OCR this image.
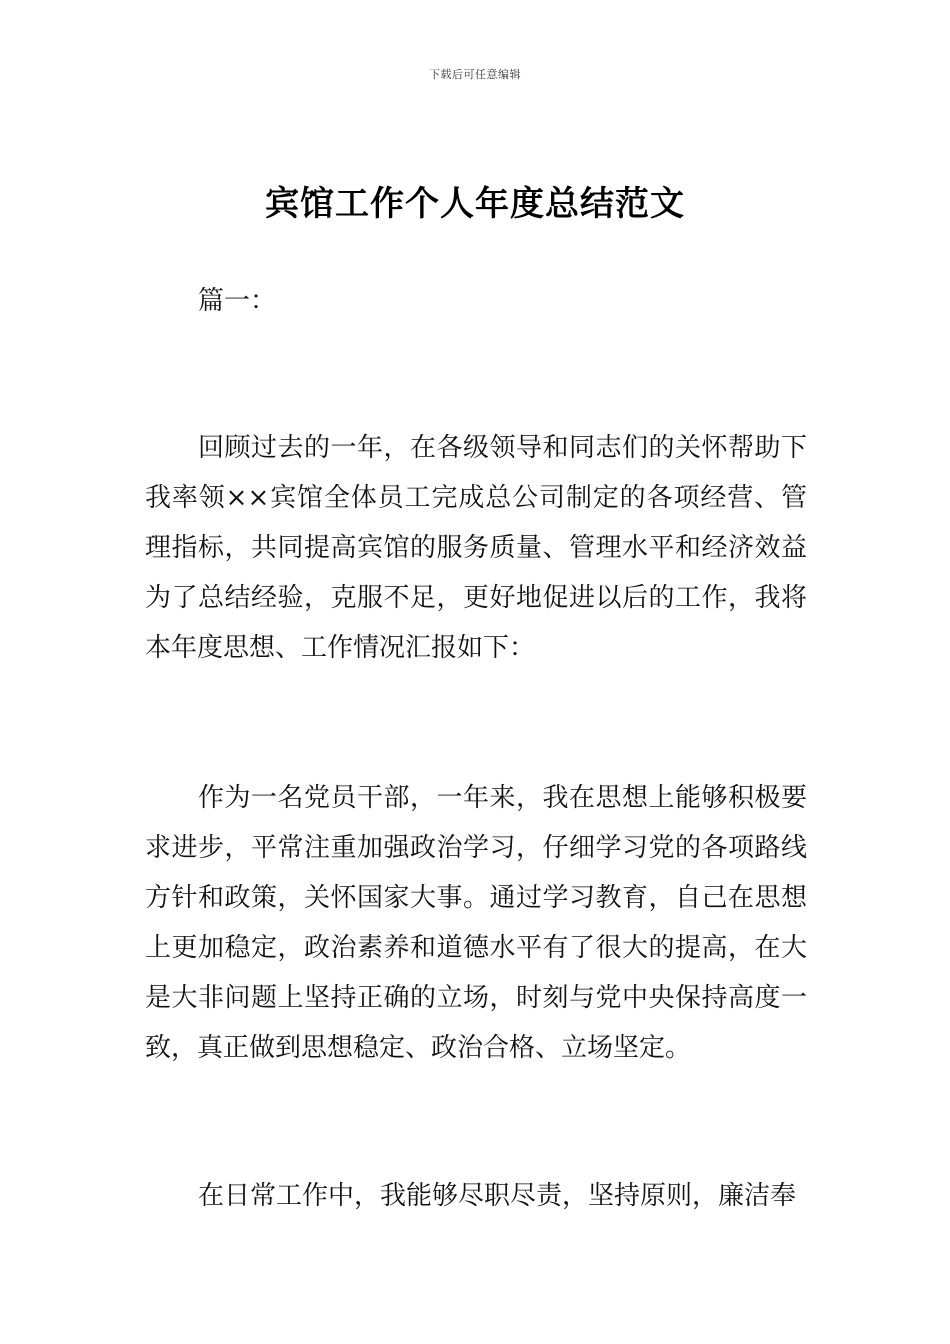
下载后可任意编辑
宾馆工作个人年度总结范文

篇一：

回顾过去的一年，在各级领导和同志们的关怀帮助下我率领××宾馆全体员工完成总公司制定的各项经营、管理指标，共同提高宾馆的服务质量、管理水平和经济效益为了总结经验，克服不足，更好地促进以后的工作，我将本年度思想、工作情况汇报如下：

作为一名党员干部，一年来，我在思想上能够积极要求进步，平常注重加强政治学习，仔细学习党的各项路线方针和政策，关怀国家大事。通过学习教育，自己在思想上更加稳定，政治素养和道德水平有了很大的提高，在大是大非问题上坚持正确的立场，时刻与党中央保持高度一致，真正做到思想稳定、政治合格、立场坚定。

在日常工作中，我能够尽职尽责，坚持原则，廉洁奉
